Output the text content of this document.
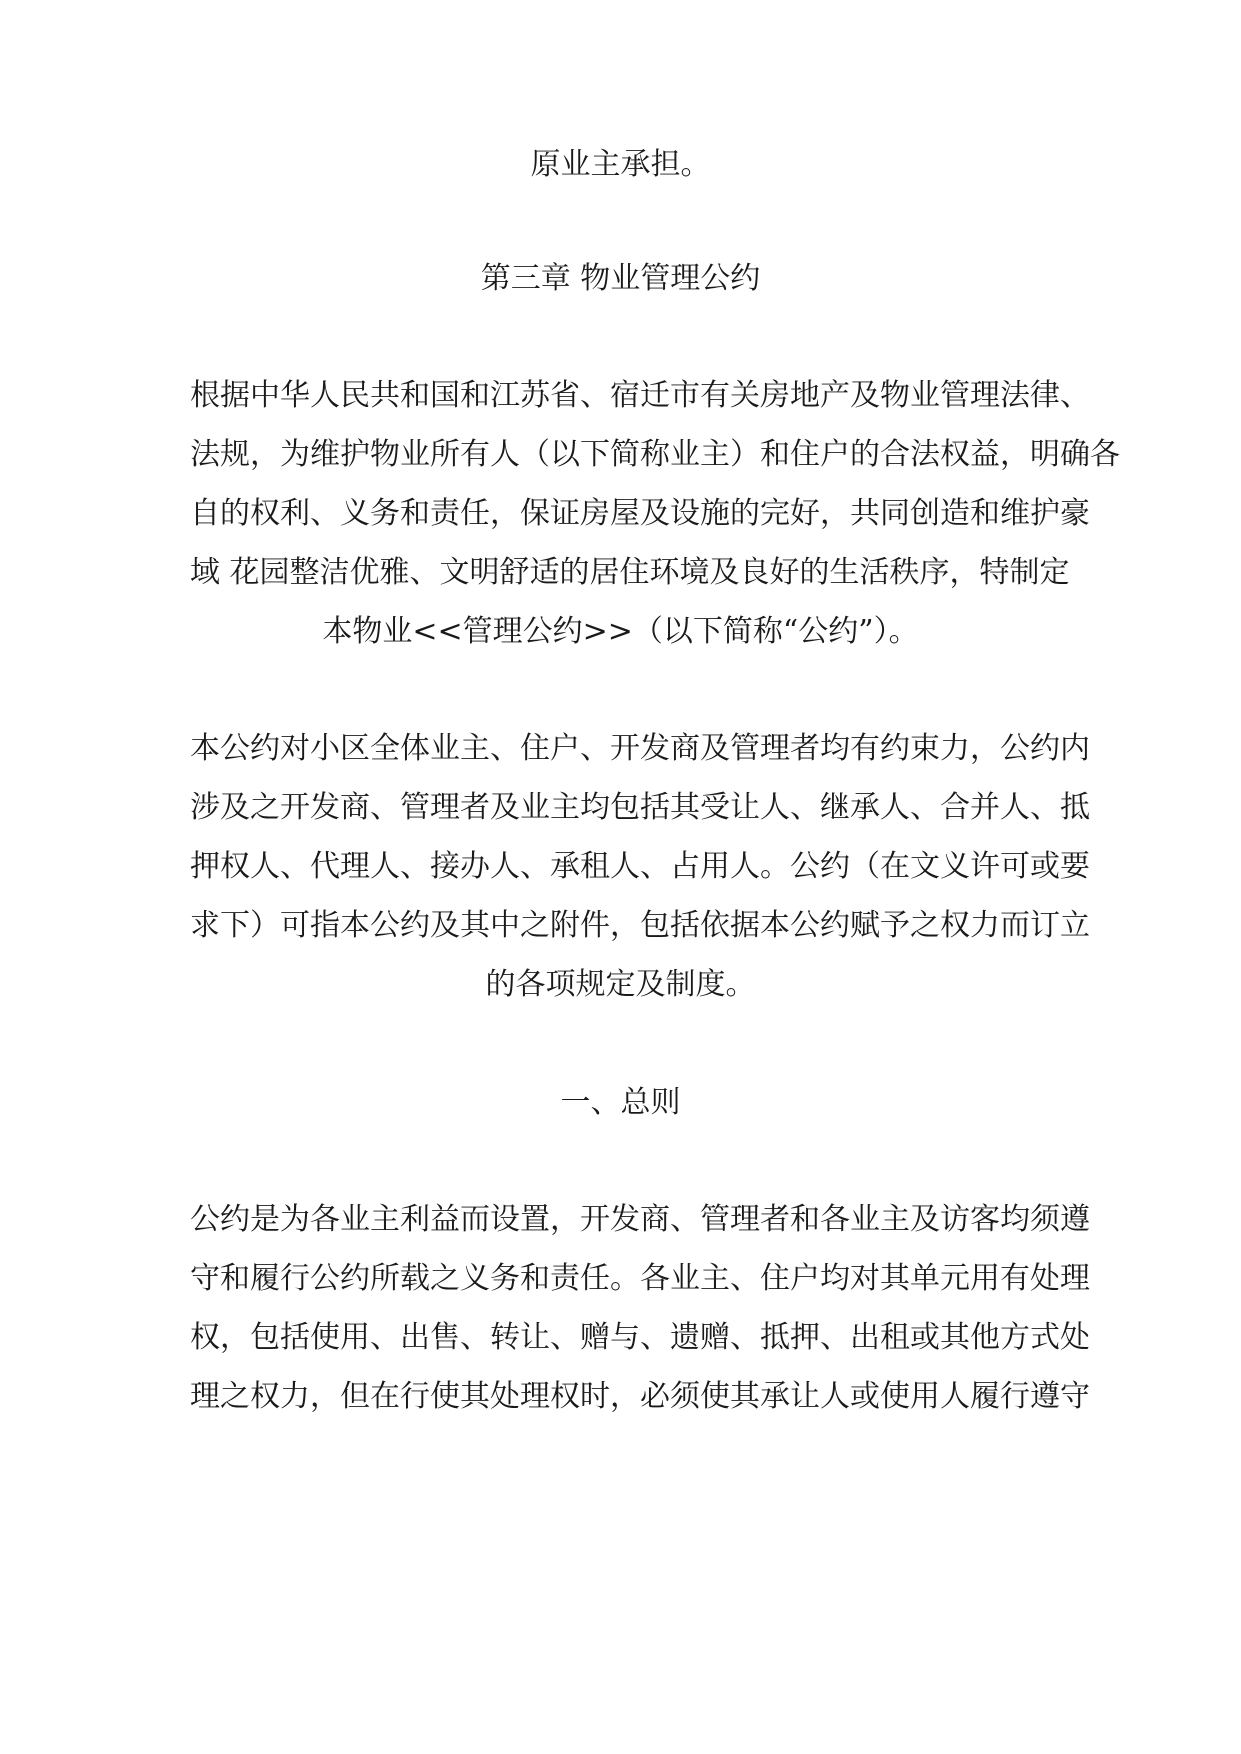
原业主承担。
第三章 物业管理公约
根据中华人民共和国和江苏省、宿迁市有关房地产及物业管理法律、
法规，为维护物业所有人（以下简称业主）和住户的合法权益，明确各
自的权利、义务和责任，保证房屋及设施的完好，共同创造和维护豪
域 花园整洁优雅、文明舒适的居住环境及良好的生活秩序，特制定
本物业<<管理公约>>（以下简称“公约”）。
本公约对小区全体业主、住户、开发商及管理者均有约束力，公约内
涉及之开发商、管理者及业主均包括其受让人、继承人、合并人、抵
押权人、代理人、接办人、承租人、占用人。公约（在文义许可或要
求下）可指本公约及其中之附件，包括依据本公约赋予之权力而订立
的各项规定及制度。
一、总则
公约是为各业主利益而设置，开发商、管理者和各业主及访客均须遵
守和履行公约所载之义务和责任。各业主、住户均对其单元用有处理
权，包括使用、出售、转让、赠与、遗赠、抵押、出租或其他方式处
理之权力，但在行使其处理权时，必须使其承让人或使用人履行遵守
